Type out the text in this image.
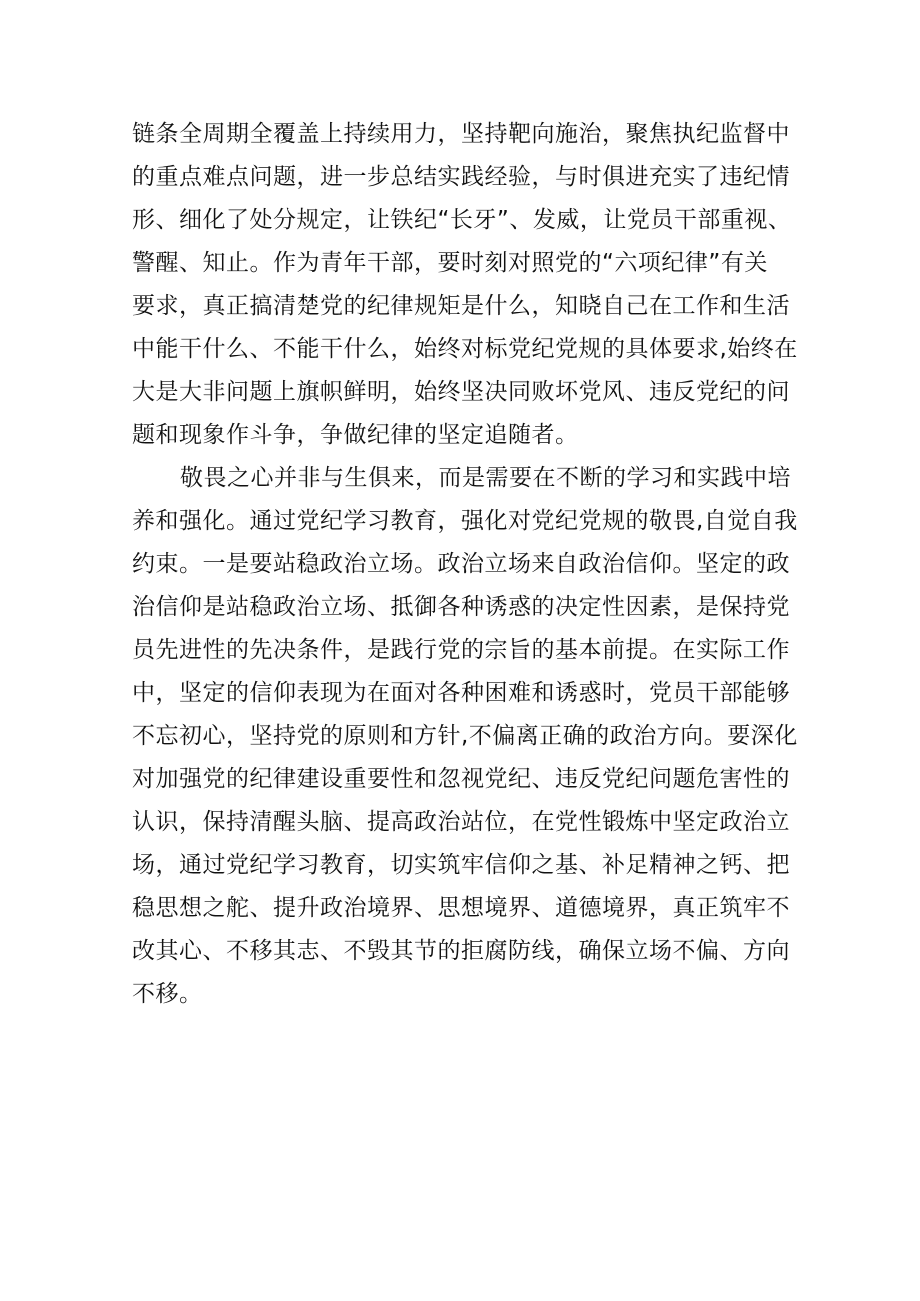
链条全周期全覆盖上持续用力，坚持靶向施治，聚焦执纪监督中
的重点难点问题，进一步总结实践经验，与时俱进充实了违纪情
形、细化了处分规定，让铁纪“长牙”、发威，让党员干部重视、
警醒、知止。作为青年干部，要时刻对照党的“六项纪律”有关
要求，真正搞清楚党的纪律规矩是什么，知晓自己在工作和生活
中能干什么、不能干什么，始终对标党纪党规的具体要求,始终在
大是大非问题上旗帜鲜明，始终坚决同败坏党风、违反党纪的问
题和现象作斗争，争做纪律的坚定追随者。
敬畏之心并非与生俱来，而是需要在不断的学习和实践中培
养和强化。通过党纪学习教育，强化对党纪党规的敬畏,自觉自我
约束。一是要站稳政治立场。政治立场来自政治信仰。坚定的政
治信仰是站稳政治立场、抵御各种诱惑的决定性因素，是保持党
员先进性的先决条件，是践行党的宗旨的基本前提。在实际工作
中，坚定的信仰表现为在面对各种困难和诱惑时，党员干部能够
不忘初心，坚持党的原则和方针,不偏离正确的政治方向。要深化
对加强党的纪律建设重要性和忽视党纪、违反党纪问题危害性的
认识，保持清醒头脑、提高政治站位，在党性锻炼中坚定政治立
场，通过党纪学习教育，切实筑牢信仰之基、补足精神之钙、把
稳思想之舵、提升政治境界、思想境界、道德境界，真正筑牢不
改其心、不移其志、不毁其节的拒腐防线，确保立场不偏、方向
不移。
